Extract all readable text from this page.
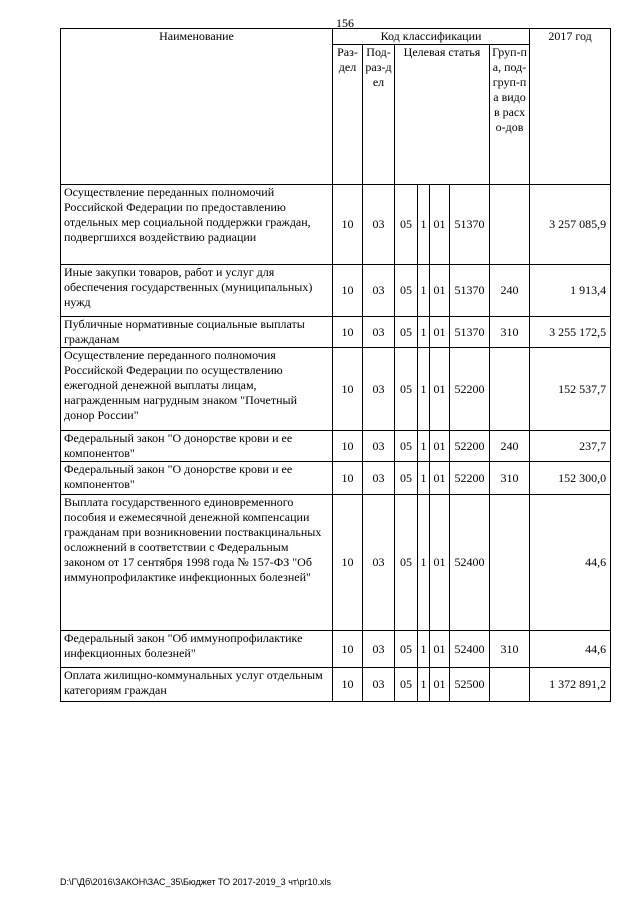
156
Наименование	Код классификации							2017 год
	Раз-дел	Под-раз-дел	Целевая статья				Груп-па, под-груп-па видов расхо-дов	
Осуществление переданных полномочий Российской Федерации по предоставлению отдельных мер социальной поддержки граждан, подвергшихся воздействию радиации	10	03	05	1	01	51370		3 257 085,9
Иные закупки товаров, работ и услуг для обеспечения государственных (муниципальных) нужд	10	03	05	1	01	51370	240	1 913,4
Публичные нормативные социальные выплаты гражданам	10	03	05	1	01	51370	310	3 255 172,5
Осуществление переданного полномочия Российской Федерации по осуществлению ежегодной денежной выплаты лицам, награжденным нагрудным знаком "Почетный донор России"	10	03	05	1	01	52200		152 537,7
Федеральный закон "О донорстве крови и ее компонентов"	10	03	05	1	01	52200	240	237,7
Федеральный закон "О донорстве крови и ее компонентов"	10	03	05	1	01	52200	310	152 300,0
Выплата государственного единовременного пособия и ежемесячной денежной компенсации гражданам при возникновении поствакцинальных осложнений в соответствии с Федеральным законом от 17 сентября 1998 года № 157-ФЗ "Об иммунопрофилактике инфекционных болезней"	10	03	05	1	01	52400		44,6
Федеральный закон "Об иммунопрофилактике инфекционных болезней"	10	03	05	1	01	52400	310	44,6
Оплата жилищно-коммунальных услуг отдельным категориям граждан	10	03	05	1	01	52500		1 372 891,2
D:\Г\Дб\2016\ЗАКОН\ЗАС_35\Бюджет ТО 2017-2019_3 чт\pr10.xls
